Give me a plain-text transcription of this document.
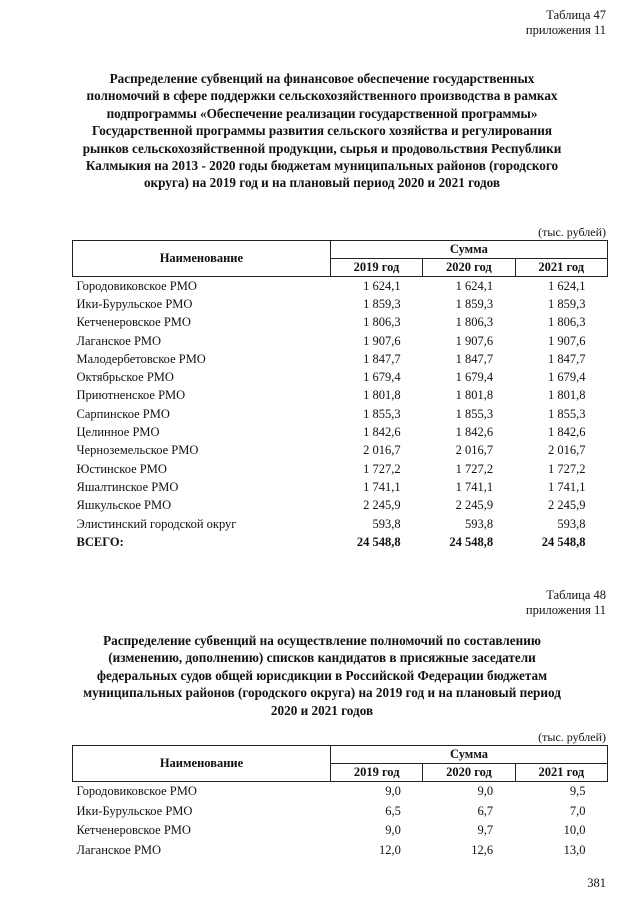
Таблица 47
приложения 11
Распределение субвенций на финансовое обеспечение государственных полномочий в сфере поддержки сельскохозяйственного производства в рамках подпрограммы «Обеспечение реализации государственной программы» Государственной программы развития сельского хозяйства и регулирования рынков сельскохозяйственной продукции, сырья и продовольствия Республики Калмыкия на 2013 - 2020 годы бюджетам муниципальных районов (городского округа) на 2019 год и на плановый период 2020 и 2021 годов
(тыс. рублей)
Наименование	Сумма		
	2019 год	2020 год	2021 год
Городовиковское РМО	1 624,1	1 624,1	1 624,1
Ики-Бурульское РМО	1 859,3	1 859,3	1 859,3
Кетченеровское РМО	1 806,3	1 806,3	1 806,3
Лаганское РМО	1 907,6	1 907,6	1 907,6
Малодербетовское РМО	1 847,7	1 847,7	1 847,7
Октябрьское РМО	1 679,4	1 679,4	1 679,4
Приютненское РМО	1 801,8	1 801,8	1 801,8
Сарпинское РМО	1 855,3	1 855,3	1 855,3
Целинное РМО	1 842,6	1 842,6	1 842,6
Черноземельское РМО	2 016,7	2 016,7	2 016,7
Юстинское РМО	1 727,2	1 727,2	1 727,2
Яшалтинское РМО	1 741,1	1 741,1	1 741,1
Яшкульское РМО	2 245,9	2 245,9	2 245,9
Элистинский городской округ	593,8	593,8	593,8
ВСЕГО:	24 548,8	24 548,8	24 548,8
Таблица 48
приложения 11
Распределение субвенций на осуществление полномочий по составлению (изменению, дополнению) списков кандидатов в присяжные заседатели федеральных судов общей юрисдикции в Российской Федерации бюджетам муниципальных районов (городского округа) на 2019 год и на плановый период 2020 и 2021 годов
(тыс. рублей)
Наименование	Сумма		
	2019 год	2020 год	2021 год
Городовиковское РМО	9,0	9,0	9,5
Ики-Бурульское РМО	6,5	6,7	7,0
Кетченеровское РМО	9,0	9,7	10,0
Лаганское РМО	12,0	12,6	13,0
381
